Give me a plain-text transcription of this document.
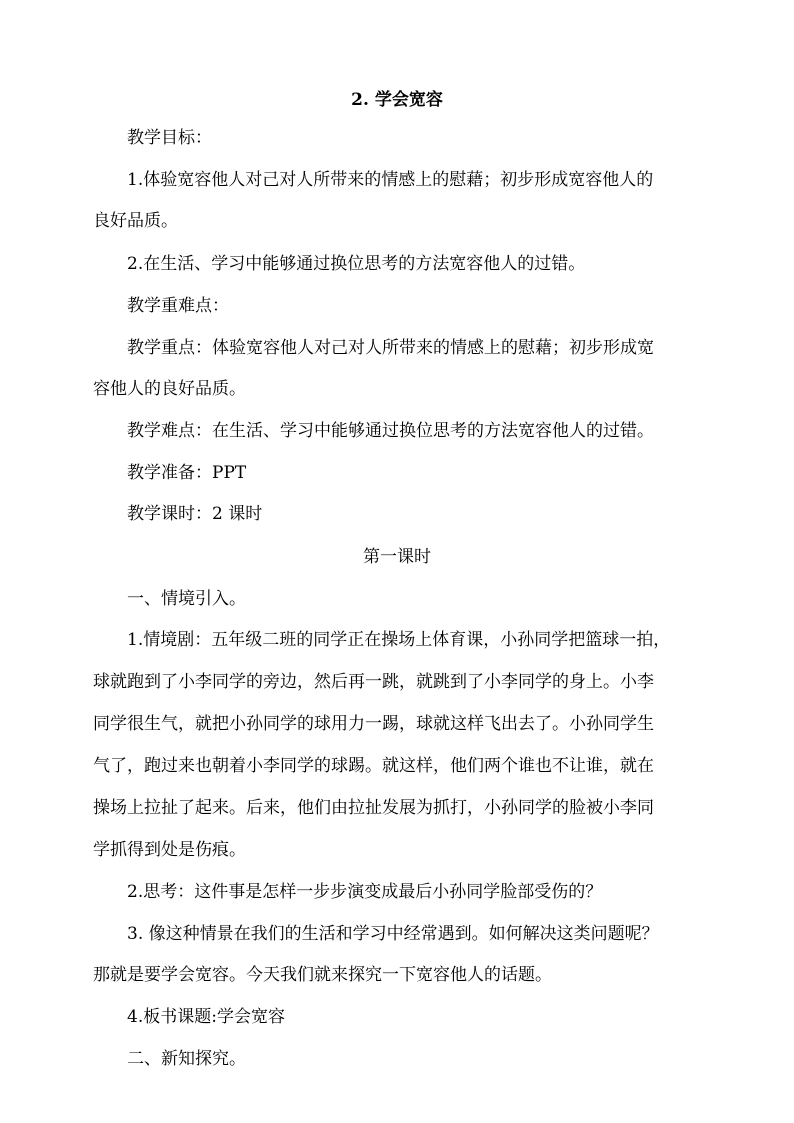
2. 学会宽容
教学目标：
1.体验宽容他人对己对人所带来的情感上的慰藉；初步形成宽容他人的
良好品质。
2.在生活、学习中能够通过换位思考的方法宽容他人的过错。
教学重难点：
教学重点：体验宽容他人对己对人所带来的情感上的慰藉；初步形成宽
容他人的良好品质。
教学难点：在生活、学习中能够通过换位思考的方法宽容他人的过错。
教学准备：PPT
教学课时：2 课时
第一课时
一、情境引入。
1.情境剧：五年级二班的同学正在操场上体育课，小孙同学把篮球一拍，
球就跑到了小李同学的旁边，然后再一跳，就跳到了小李同学的身上。小李
同学很生气，就把小孙同学的球用力一踢，球就这样飞出去了。小孙同学生
气了，跑过来也朝着小李同学的球踢。就这样，他们两个谁也不让谁，就在
操场上拉扯了起来。后来，他们由拉扯发展为抓打，小孙同学的脸被小李同
学抓得到处是伤痕。
2.思考：这件事是怎样一步步演变成最后小孙同学脸部受伤的？
3. 像这种情景在我们的生活和学习中经常遇到。如何解决这类问题呢？
那就是要学会宽容。今天我们就来探究一下宽容他人的话题。
4.板书课题:学会宽容
二、新知探究。
